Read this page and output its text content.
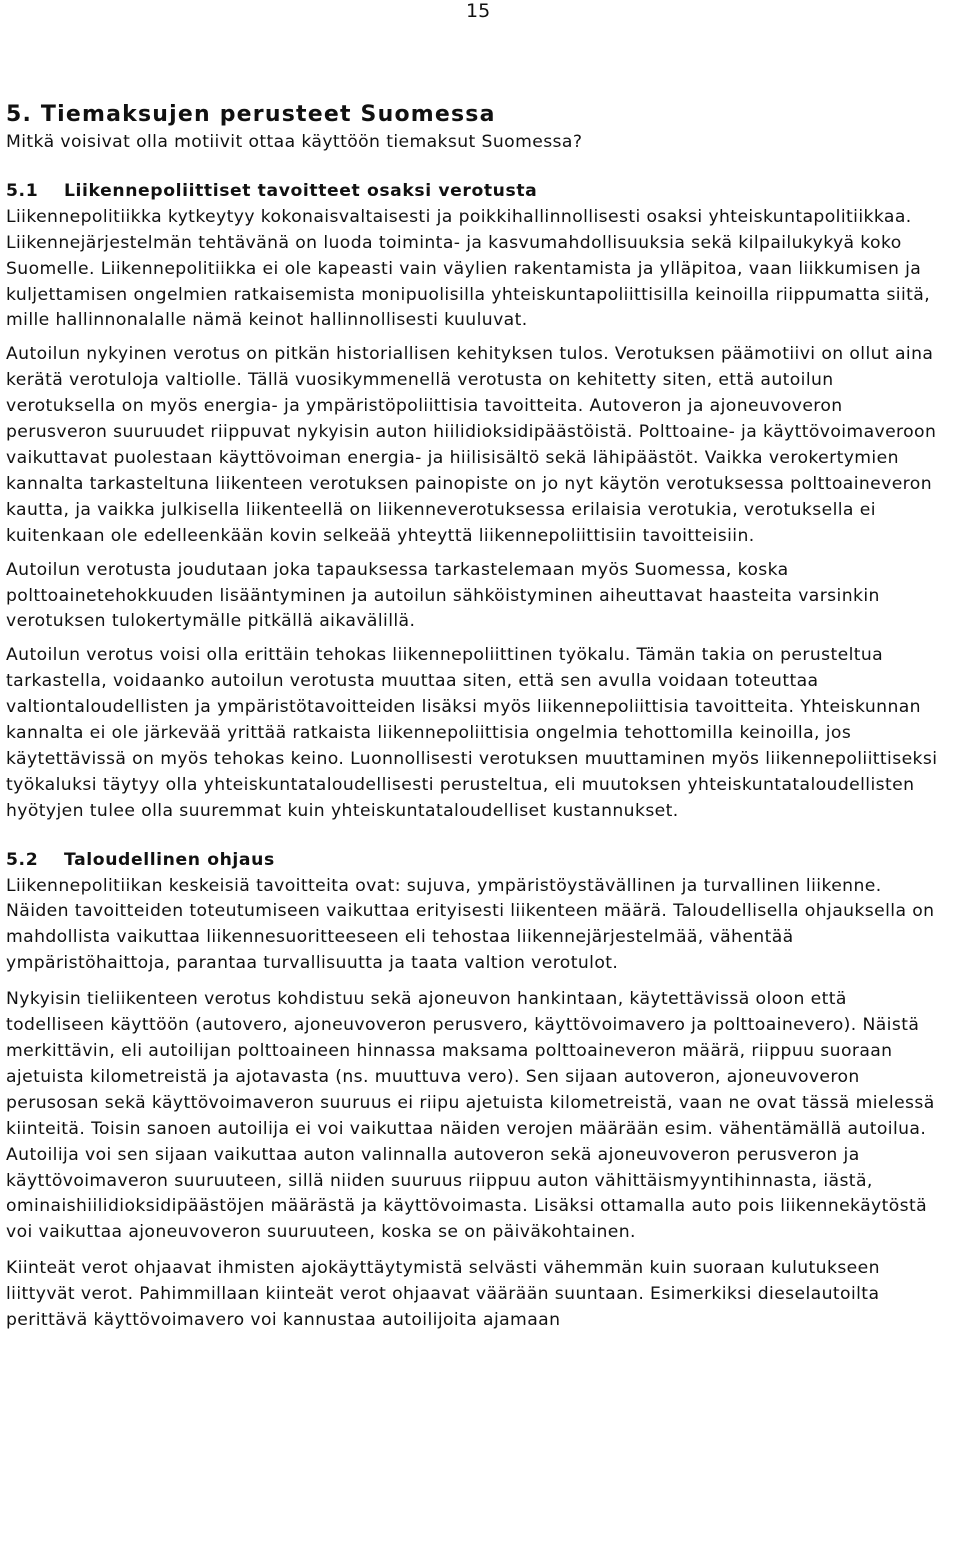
15
5. Tiemaksujen perusteet Suomessa

Mitkä voisivat olla motiivit ottaa käyttöön tiemaksut Suomessa?

5.1	Liikennepoliittiset tavoitteet osaksi verotusta

Liikennepolitiikka kytkeytyy kokonaisvaltaisesti ja poikkihallinnollisesti osaksi yhteiskuntapolitiikkaa. Liikennejärjestelmän tehtävänä on luoda toiminta- ja kasvumahdollisuuksia sekä kilpailukykyä koko Suomelle. Liikennepolitiikka ei ole kapeasti vain väylien rakentamista ja ylläpitoa, vaan liikkumisen ja kuljettamisen ongelmien ratkaisemista monipuolisilla yhteiskuntapoliittisilla keinoilla riippumatta siitä, mille hallinnonalalle nämä keinot hallinnollisesti kuuluvat.

Autoilun nykyinen verotus on pitkän historiallisen kehityksen tulos. Verotuksen päämotiivi on ollut aina kerätä verotuloja valtiolle. Tällä vuosikymmenellä verotusta on kehitetty siten, että autoilun verotuksella on myös energia- ja ympäristöpoliittisia tavoitteita. Autoveron ja ajoneuvoveron perusveron suuruudet riippuvat nykyisin auton hiilidioksidipäästöistä. Polttoaine- ja käyttövoimaveroon vaikuttavat puolestaan käyttövoiman energia- ja hiilisisältö sekä lähipäästöt. Vaikka verokertymien kannalta tarkasteltuna liikenteen verotuksen painopiste on jo nyt käytön verotuksessa polttoaineveron kautta, ja vaikka julkisella liikenteellä on liikenneverotuksessa erilaisia verotukia, verotuksella ei kuitenkaan ole edelleenkään kovin selkeää yhteyttä liikennepoliittisiin tavoitteisiin.

Autoilun verotusta joudutaan joka tapauksessa tarkastelemaan myös Suomessa, koska polttoainetehokkuuden lisääntyminen ja autoilun sähköistyminen aiheuttavat haasteita varsinkin verotuksen tulokertymälle pitkällä aikavälillä.

Autoilun verotus voisi olla erittäin tehokas liikennepoliittinen työkalu. Tämän takia on perusteltua tarkastella, voidaanko autoilun verotusta muuttaa siten, että sen avulla voidaan toteuttaa valtiontaloudellisten ja ympäristötavoitteiden lisäksi myös liikennepoliittisia tavoitteita. Yhteiskunnan kannalta ei ole järkevää yrittää ratkaista liikennepoliittisia ongelmia tehottomilla keinoilla, jos käytettävissä on myös tehokas keino. Luonnollisesti verotuksen muuttaminen myös liikennepoliittiseksi työkaluksi täytyy olla yhteiskuntataloudellisesti perusteltua, eli muutoksen yhteiskuntataloudellisten hyötyjen tulee olla suuremmat kuin yhteiskuntataloudelliset kustannukset.

5.2	Taloudellinen ohjaus

Liikennepolitiikan keskeisiä tavoitteita ovat: sujuva, ympäristöystävällinen ja turvallinen liikenne. Näiden tavoitteiden toteutumiseen vaikuttaa erityisesti liikenteen määrä. Taloudellisella ohjauksella on mahdollista vaikuttaa liikennesuoritteeseen eli tehostaa liikennejärjestelmää, vähentää ympäristöhaittoja, parantaa turvallisuutta ja taata valtion verotulot.

Nykyisin tieliikenteen verotus kohdistuu sekä ajoneuvon hankintaan, käytettävissä oloon että todelliseen käyttöön (autovero, ajoneuvoveron perusvero, käyttövoimavero ja polttoainevero). Näistä merkittävin, eli autoilijan polttoaineen hinnassa maksama polttoaineveron määrä, riippuu suoraan ajetuista kilometreistä ja ajotavasta (ns. muuttuva vero). Sen sijaan autoveron, ajoneuvoveron perusosan sekä käyttövoimaveron suuruus ei riipu ajetuista kilometreistä, vaan ne ovat tässä mielessä kiinteitä. Toisin sanoen autoilija ei voi vaikuttaa näiden verojen määrään esim. vähentämällä autoilua. Autoilija voi sen sijaan vaikuttaa auton valinnalla autoveron sekä ajoneuvoveron perusveron ja käyttövoimaveron suuruuteen, sillä niiden suuruus riippuu auton vähittäismyyntihinnasta, iästä, ominaishiilidioksidipäästöjen määrästä ja käyttövoimasta. Lisäksi ottamalla auto pois liikennekäytöstä voi vaikuttaa ajoneuvoveron suuruuteen, koska se on päiväkohtainen.

Kiinteät verot ohjaavat ihmisten ajokäyttäytymistä selvästi vähemmän kuin suoraan kulutukseen liittyvät verot. Pahimmillaan kiinteät verot ohjaavat väärään suuntaan. Esimerkiksi dieselautoilta perittävä käyttövoimavero voi kannustaa autoilijoita ajamaan
